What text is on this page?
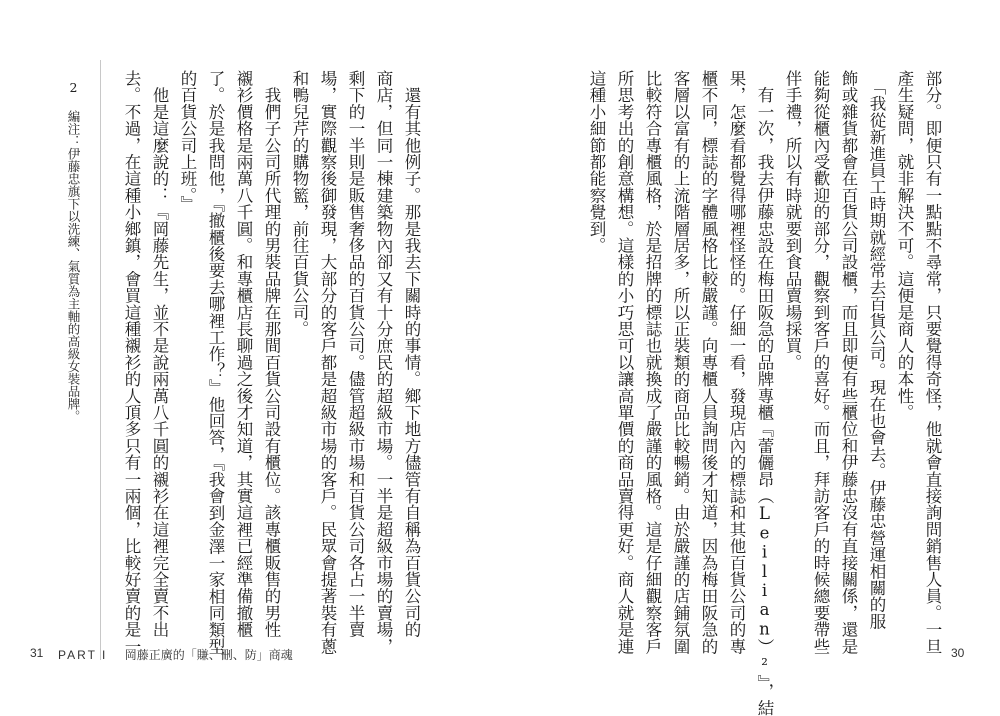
2 編注：伊藤忠旗下以洗練、氣質為主軸的高級女裝品牌。	去。不過，在這種小鄉鎮，會買這種襯衫的人頂多只有一兩個，比較好賣的是一 　他是這麼說的：『岡藤先生，並不是說兩萬八千圓的襯衫在這裡完全賣不出 的百貨公司上班。』 了。於是我問他，『撤櫃後要去哪裡工作？』他回答，『我會到金澤一家相同類型 襯衫價格是兩萬八千圓。和專櫃店長聊過之後才知道，其實這裡已經準備撤櫃 　我們子公司所代理的男裝品牌在那間百貨公司設有櫃位。該專櫃販售的男性 和鴨兒芹的購物籃，前往百貨公司。 場，實際觀察後御發現，大部分的客戶都是超級市場的客戶。民眾會提著裝有蔥 剩下的一半則是販售奢侈品的百貨公司。儘管超級市場和百貨公司各占一半賣 商店，但同一棟建築物內卻又有十分庶民的超級市場。一半是超級市場的賣場， 　還有其他例子。那是我去下關時的事情。鄉下地方儘管有自稱為百貨公司的
31 PART I 岡藤正廣的「賺、刪、防」商魂
這種小細節都能察覺到。 所思考出的創意構想。這樣的小巧思可以讓高單價的商品賣得更好。商人就是連 比較符合專櫃風格，於是招牌的標誌也就換成了嚴謹的風格。這是仔細觀察客戶 客層以富有的上流階層居多，所以正裝類的商品比較暢銷。由於嚴謹的店鋪氛圍 櫃不同，標誌的字體風格比較嚴謹。向專櫃人員詢問後才知道，因為梅田阪急的 果，怎麼看都覺得哪裡怪怪的。仔細一看，發現店內的標誌和其他百貨公司的專 　有一次，我去伊藤忠設在梅田阪急的品牌專櫃『蕾儷昂（Leilian）²』，結 伴手禮，所以有時就要到食品賣場採買。 能夠從櫃內受歡迎的部分，觀察到客戶的喜好。而且，拜訪客戶的時候總要帶些 飾或雜貨都會在百貨公司設櫃，而且即便有些櫃位和伊藤忠沒有直接關係，還是 　「我從新進員工時期就經常去百貨公司。現在也會去。伊藤忠營運相關的服 產生疑問，就非解決不可。這便是商人的本性。 部分。即便只有一點點不尋常，只要覺得奇怪，他就會直接詢問銷售人員。一旦 30
